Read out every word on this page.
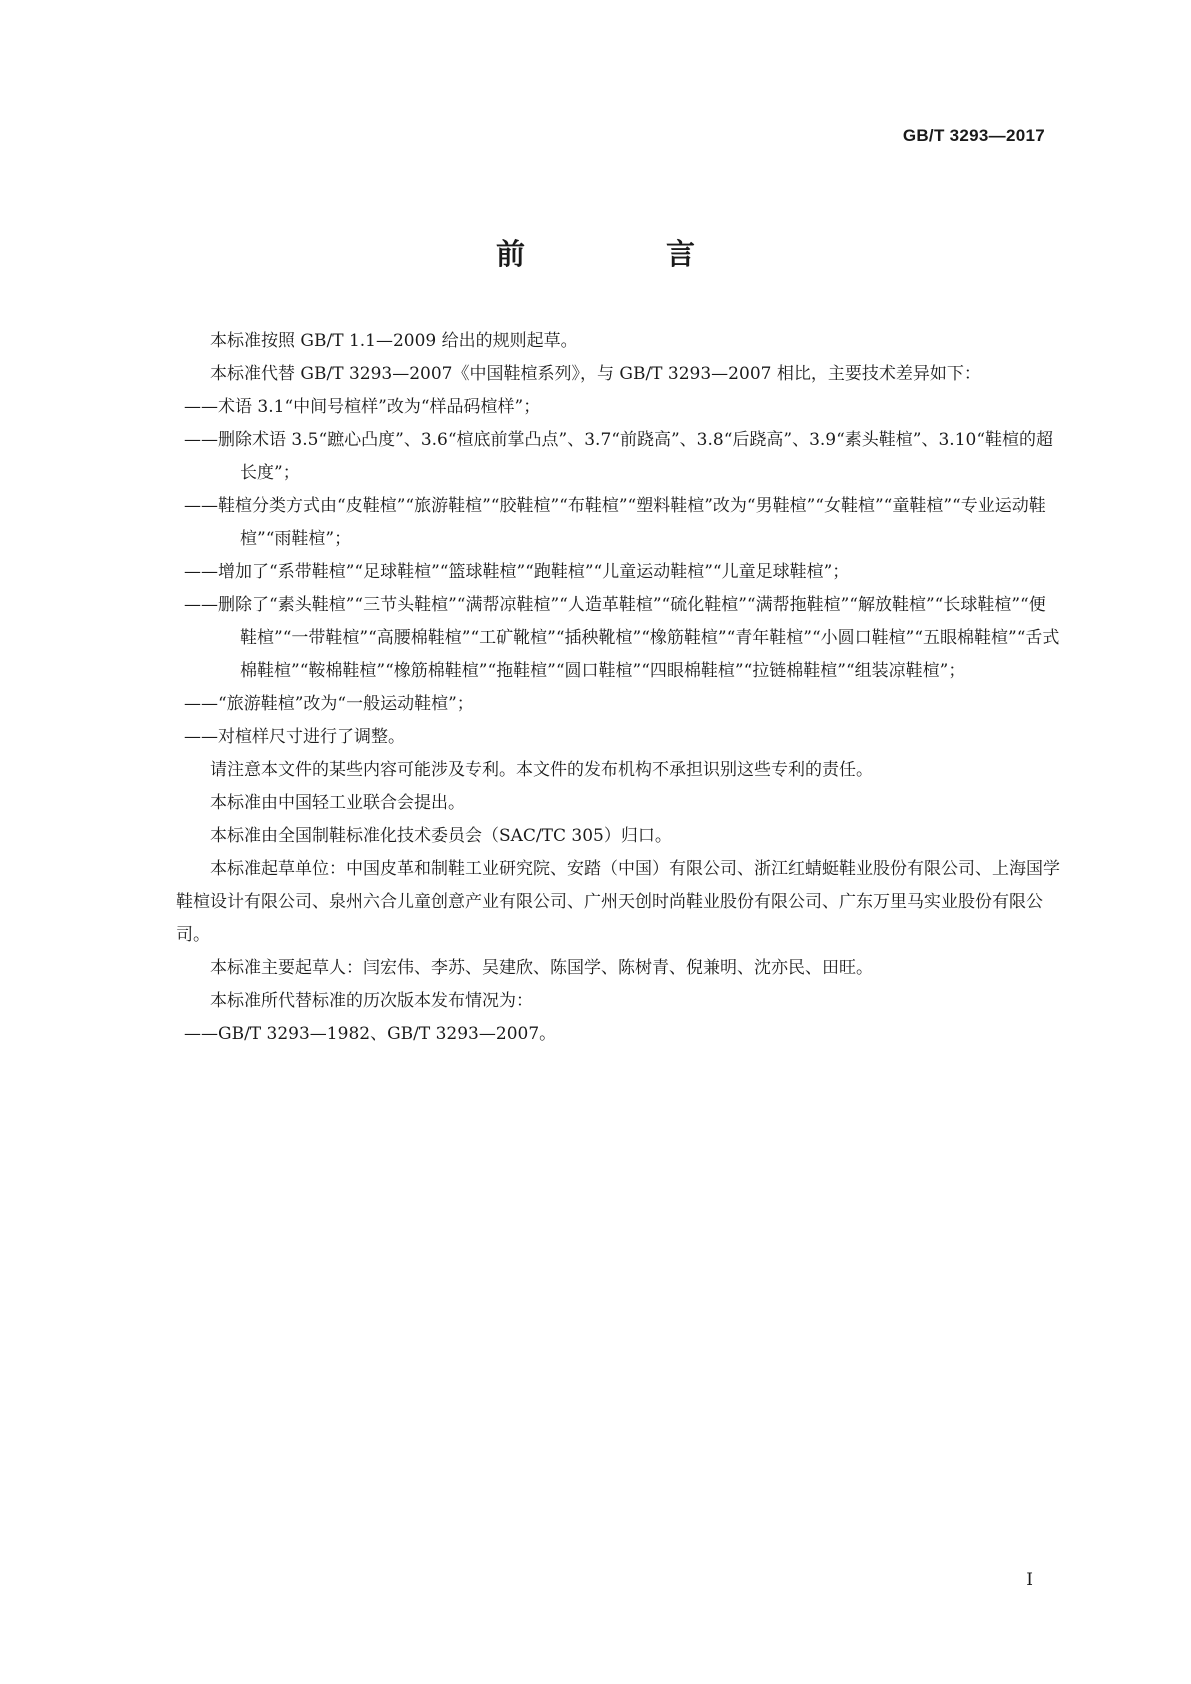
GB/T 3293—2017
前　言

本标准按照 GB/T 1.1—2009 给出的规则起草。

本标准代替 GB/T 3293—2007《中国鞋楦系列》，与 GB/T 3293—2007 相比，主要技术差异如下：

——术语 3.1“中间号楦样”改为“样品码楦样”；

——删除术语 3.5“蹠心凸度”、3.6“楦底前掌凸点”、3.7“前跷高”、3.8“后跷高”、3.9“素头鞋楦”、3.10“鞋楦的超长度”；

——鞋楦分类方式由“皮鞋楦”“旅游鞋楦”“胶鞋楦”“布鞋楦”“塑料鞋楦”改为“男鞋楦”“女鞋楦”“童鞋楦”“专业运动鞋楦”“雨鞋楦”；

——增加了“系带鞋楦”“足球鞋楦”“篮球鞋楦”“跑鞋楦”“儿童运动鞋楦”“儿童足球鞋楦”；

——删除了“素头鞋楦”“三节头鞋楦”“满帮凉鞋楦”“人造革鞋楦”“硫化鞋楦”“满帮拖鞋楦”“解放鞋楦”“长球鞋楦”“便鞋楦”“一带鞋楦”“高腰棉鞋楦”“工矿靴楦”“插秧靴楦”“橡筋鞋楦”“青年鞋楦”“小圆口鞋楦”“五眼棉鞋楦”“舌式棉鞋楦”“鞍棉鞋楦”“橡筋棉鞋楦”“拖鞋楦”“圆口鞋楦”“四眼棉鞋楦”“拉链棉鞋楦”“组装凉鞋楦”；

——“旅游鞋楦”改为“一般运动鞋楦”；

——对楦样尺寸进行了调整。

请注意本文件的某些内容可能涉及专利。本文件的发布机构不承担识别这些专利的责任。

本标准由中国轻工业联合会提出。

本标准由全国制鞋标准化技术委员会（SAC/TC 305）归口。

本标准起草单位：中国皮革和制鞋工业研究院、安踏（中国）有限公司、浙江红蜻蜓鞋业股份有限公司、上海国学鞋楦设计有限公司、泉州六合儿童创意产业有限公司、广州天创时尚鞋业股份有限公司、广东万里马实业股份有限公司。

本标准主要起草人：闫宏伟、李苏、吴建欣、陈国学、陈树青、倪兼明、沈亦民、田旺。

本标准所代替标准的历次版本发布情况为：

——GB/T 3293—1982、GB/T 3293—2007。

I
